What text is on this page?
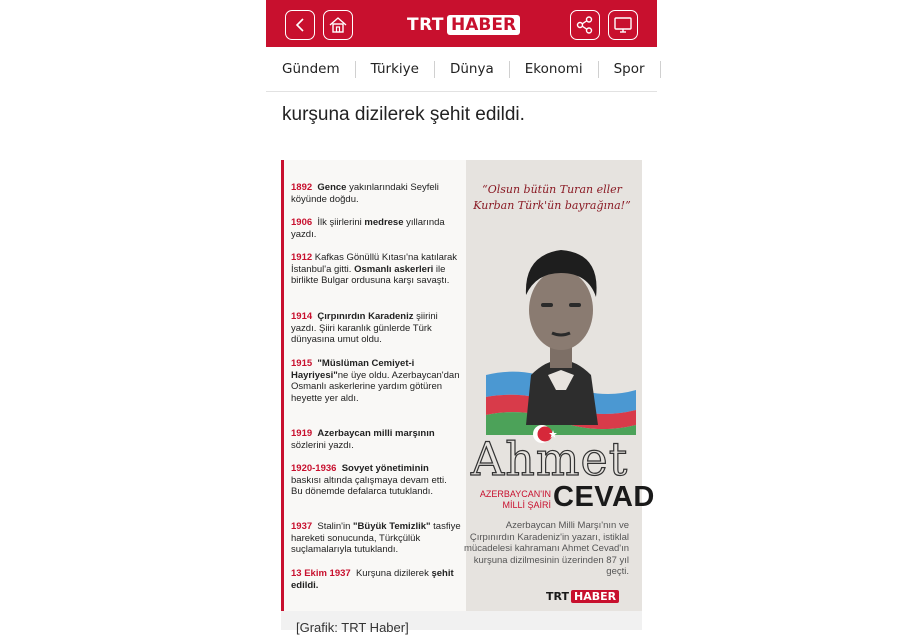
TRT HABER
Gündem	Türkiye	Dünya	Ekonomi	Spor
kurşuna dizilerek şehit edildi.
1892 Gence yakınlarındaki Seyfeli köyünde doğdu.
1906 İlk şiirlerini medrese yıllarında yazdı.
1912 Kafkas Gönüllü Kıtası'na katılarak İstanbul'a gitti. Osmanlı askerleri ile birlikte Bulgar ordusuna karşı savaştı.
1914 Çırpınırdın Karadeniz şiirini yazdı. Şiiri karanlık günlerde Türk dünyasına umut oldu.
1915 "Müslüman Cemiyet-i Hayriyesi"ne üye oldu. Azerbaycan'dan Osmanlı askerlerine yardım götüren heyette yer aldı.
1919 Azerbaycan milli marşının sözlerini yazdı.
1920-1936 Sovyet yönetiminin baskısı altında çalışmaya devam etti. Bu dönemde defalarca tutuklandı.
1937 Stalin'in "Büyük Temizlik" tasfiye hareketi sonucunda, Türkçülük suçlamalarıyla tutuklandı.
13 Ekim 1937 Kurşuna dizilerek şehit edildi.
“Olsun bütün Turan eller Kurban Türk'ün bayrağına!”
Ahmet
AZERBAYCAN'IN
MİLLİ ŞAİRİ CEVAD
Azerbaycan Milli Marşı'nın ve Çırpınırdın Karadeniz'in yazarı, istiklal mücadelesi kahramanı Ahmet Cevad'ın kurşuna dizilmesinin üzerinden 87 yıl geçti.
TRT HABER
[Grafik: TRT Haber]
